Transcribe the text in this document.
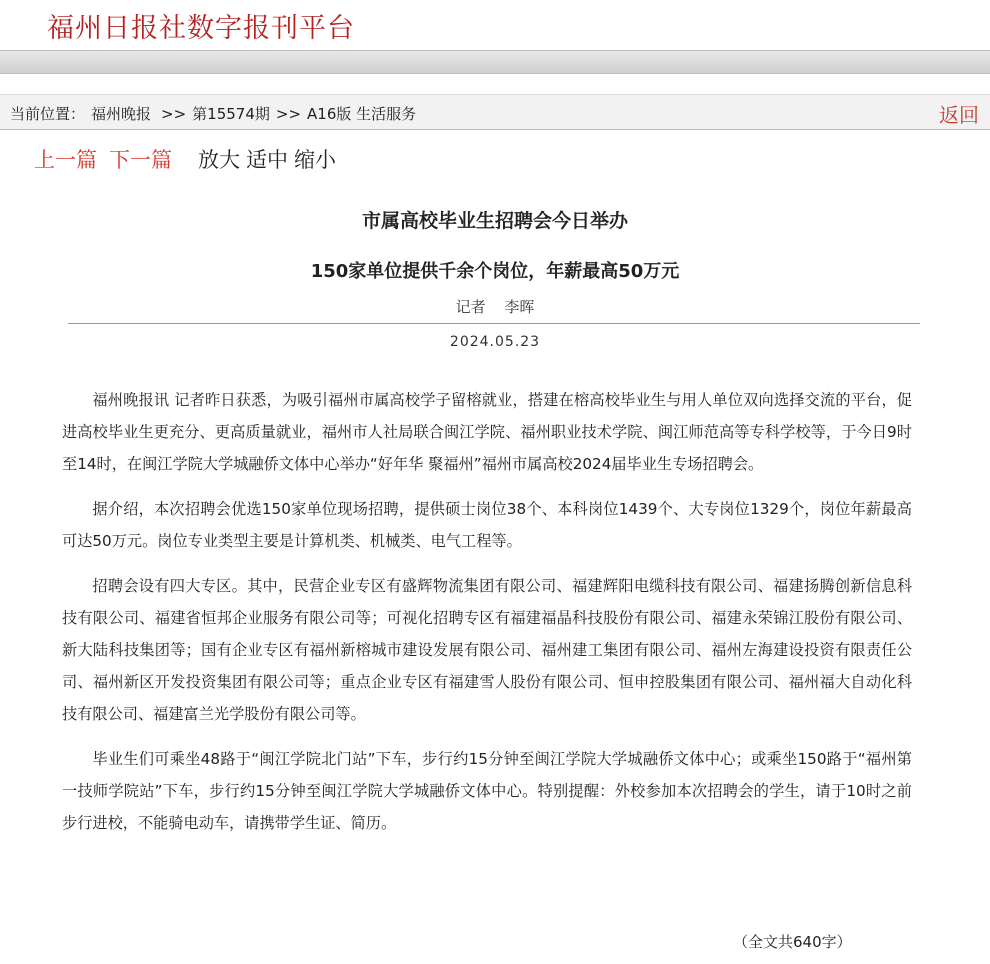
福州日报社数字报刊平台
当前位置： 福州晚报 >> 第15574期 >> A16版 生活服务	返回
上一篇 下一篇 放大 适中 缩小
市属高校毕业生招聘会今日举办
150家单位提供千余个岗位，年薪最高50万元
记者 李晖
2024.05.23

福州晚报讯 记者昨日获悉，为吸引福州市属高校学子留榕就业，搭建在榕高校毕业生与用人单位双向选择交流的平台，促进高校毕业生更充分、更高质量就业，福州市人社局联合闽江学院、福州职业技术学院、闽江师范高等专科学校等，于今日9时至14时，在闽江学院大学城融侨文体中心举办“好年华 聚福州”福州市属高校2024届毕业生专场招聘会。

据介绍，本次招聘会优选150家单位现场招聘，提供硕士岗位38个、本科岗位1439个、大专岗位1329个，岗位年薪最高可达50万元。岗位专业类型主要是计算机类、机械类、电气工程等。

招聘会设有四大专区。其中，民营企业专区有盛辉物流集团有限公司、福建辉阳电缆科技有限公司、福建扬腾创新信息科技有限公司、福建省恒邦企业服务有限公司等；可视化招聘专区有福建福晶科技股份有限公司、福建永荣锦江股份有限公司、新大陆科技集团等；国有企业专区有福州新榕城市建设发展有限公司、福州建工集团有限公司、福州左海建设投资有限责任公司、福州新区开发投资集团有限公司等；重点企业专区有福建雪人股份有限公司、恒申控股集团有限公司、福州福大自动化科技有限公司、福建富兰光学股份有限公司等。

毕业生们可乘坐48路于“闽江学院北门站”下车，步行约15分钟至闽江学院大学城融侨文体中心；或乘坐150路于“福州第一技师学院站”下车，步行约15分钟至闽江学院大学城融侨文体中心。特别提醒：外校参加本次招聘会的学生，请于10时之前步行进校，不能骑电动车，请携带学生证、简历。

（全文共640字）
